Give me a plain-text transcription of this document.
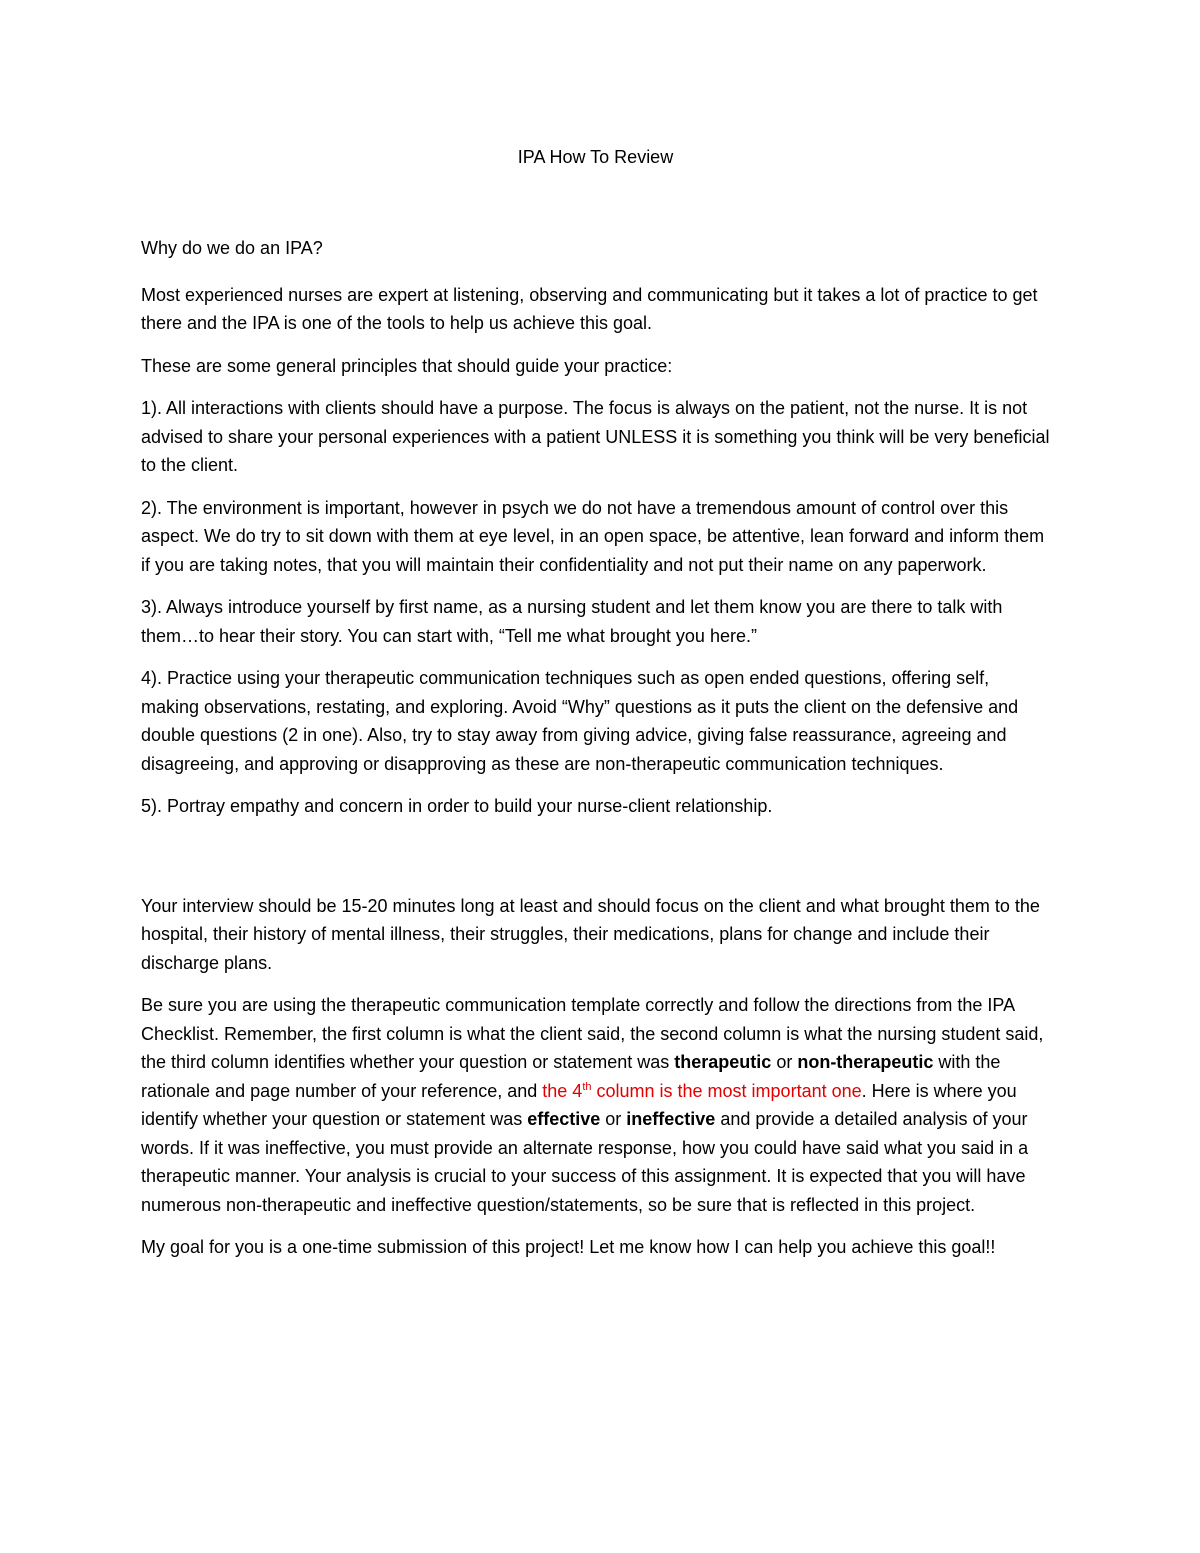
IPA How To Review

Why do we do an IPA?

Most experienced nurses are expert at listening, observing and communicating but it takes a lot of practice to get there and the IPA is one of the tools to help us achieve this goal.

These are some general principles that should guide your practice:

1). All interactions with clients should have a purpose. The focus is always on the patient, not the nurse. It is not advised to share your personal experiences with a patient UNLESS it is something you think will be very beneficial to the client.

2). The environment is important, however in psych we do not have a tremendous amount of control over this aspect. We do try to sit down with them at eye level, in an open space, be attentive, lean forward and inform them if you are taking notes, that you will maintain their confidentiality and not put their name on any paperwork.

3). Always introduce yourself by first name, as a nursing student and let them know you are there to talk with them…to hear their story. You can start with, “Tell me what brought you here.”

4). Practice using your therapeutic communication techniques such as open ended questions, offering self, making observations, restating, and exploring. Avoid “Why” questions as it puts the client on the defensive and double questions (2 in one). Also, try to stay away from giving advice, giving false reassurance, agreeing and disagreeing, and approving or disapproving as these are non-therapeutic communication techniques.

5). Portray empathy and concern in order to build your nurse-client relationship.

Your interview should be 15-20 minutes long at least and should focus on the client and what brought them to the hospital, their history of mental illness, their struggles, their medications, plans for change and include their discharge plans.

Be sure you are using the therapeutic communication template correctly and follow the directions from the IPA Checklist. Remember, the first column is what the client said, the second column is what the nursing student said, the third column identifies whether your question or statement was therapeutic or non-therapeutic with the rationale and page number of your reference, and the 4th column is the most important one. Here is where you identify whether your question or statement was effective or ineffective and provide a detailed analysis of your words. If it was ineffective, you must provide an alternate response, how you could have said what you said in a therapeutic manner. Your analysis is crucial to your success of this assignment. It is expected that you will have numerous non-therapeutic and ineffective question/statements, so be sure that is reflected in this project.

My goal for you is a one-time submission of this project! Let me know how I can help you achieve this goal!!
